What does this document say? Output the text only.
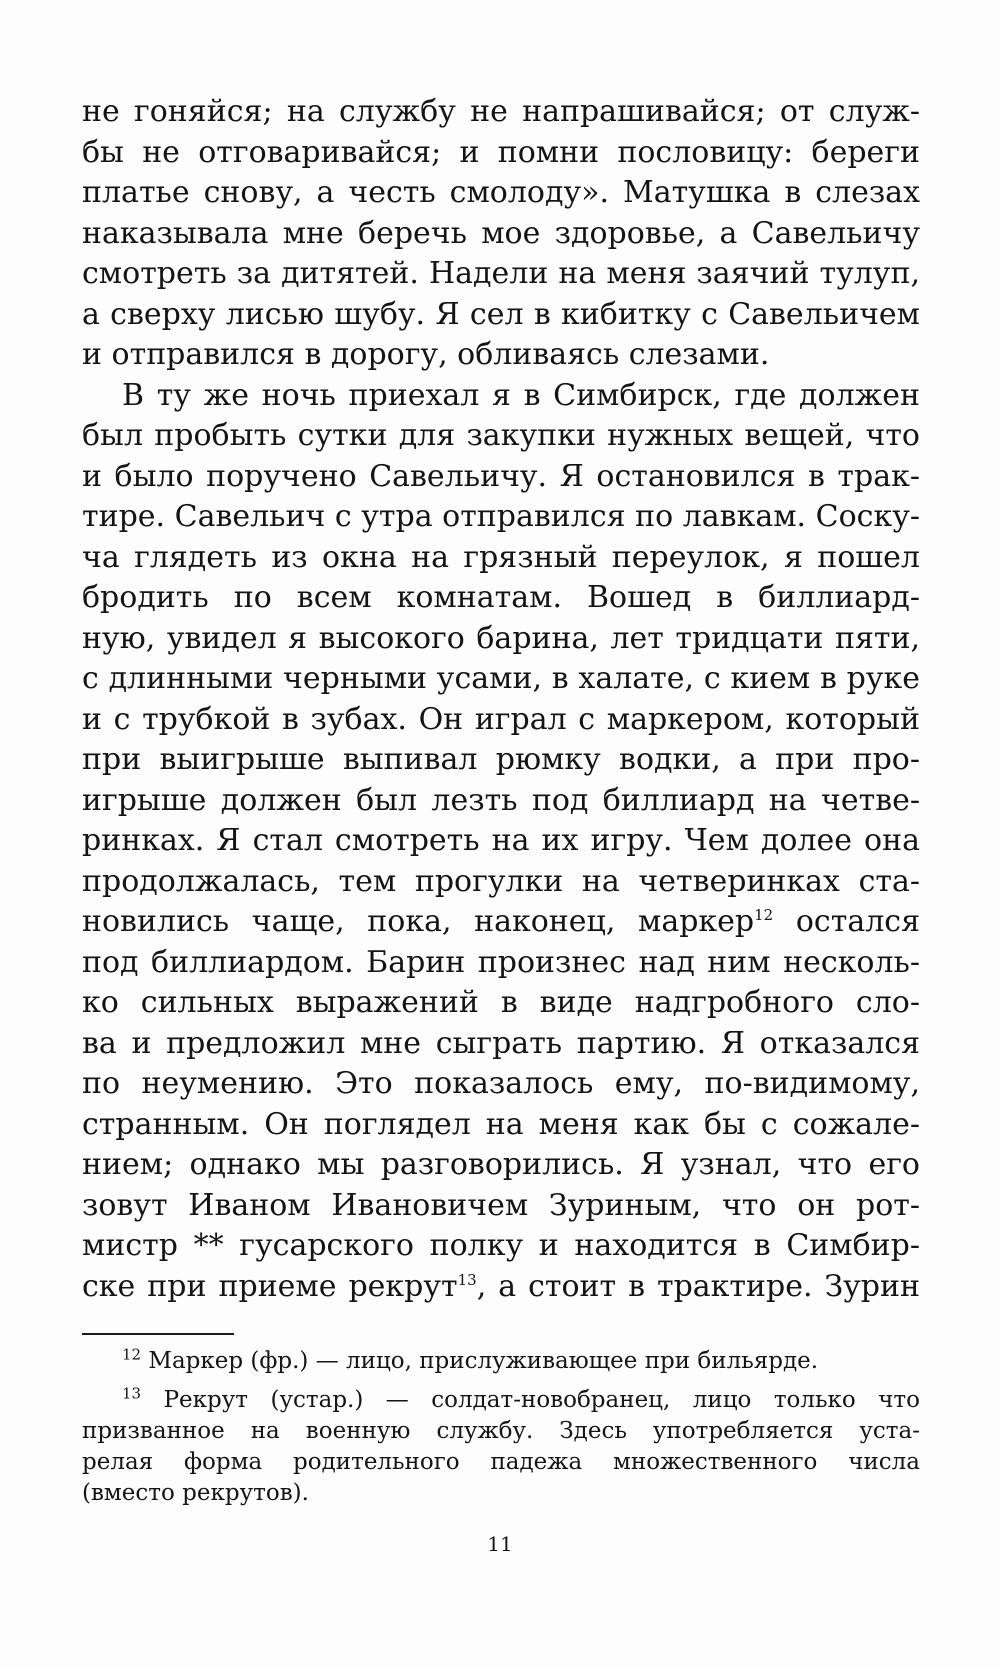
не гоняйся; на службу не напрашивайся; от служ-
бы не отговаривайся; и помни пословицу: береги
платье снову, а честь смолоду». Матушка в слезах
наказывала мне беречь мое здоровье, а Савельичу
смотреть за дитятей. Надели на меня заячий тулуп,
а сверху лисью шубу. Я сел в кибитку с Савельичем
и отправился в дорогу, обливаясь слезами.
В ту же ночь приехал я в Симбирск, где должен
был пробыть сутки для закупки нужных вещей, что
и было поручено Савельичу. Я остановился в трак-
тире. Савельич с утра отправился по лавкам. Соску-
ча глядеть из окна на грязный переулок, я пошел
бродить по всем комнатам. Вошед в биллиард-
ную, увидел я высокого барина, лет тридцати пяти,
с длинными черными усами, в халате, с кием в руке
и с трубкой в зубах. Он играл с маркером, который
при выигрыше выпивал рюмку водки, а при про-
игрыше должен был лезть под биллиард на четве-
ринках. Я стал смотреть на их игру. Чем долее она
продолжалась, тем прогулки на четверинках ста-
новились чаще, пока, наконец, маркер$^{12}$ остался
под биллиардом. Барин произнес над ним несколь-
ко сильных выражений в виде надгробного сло-
ва и предложил мне сыграть партию. Я отказался
по неумению. Это показалось ему, по-видимому,
странным. Он поглядел на меня как бы с сожале-
нием; однако мы разговорились. Я узнал, что его
зовут Иваном Ивановичем Зуриным, что он рот-
мистр ** гусарского полку и находится в Симбир-
ске при приеме рекрут$^{13}$, а стоит в трактире. Зурин
$^{12}$ Маркер (фр.) — лицо, прислуживающее при бильярде.
$^{13}$ Рекрут (устар.) — солдат-новобранец, лицо только что
призванное на военную службу. Здесь употребляется уста-
релая форма родительного падежа множественного числа
(вместо рекрутов).
11
